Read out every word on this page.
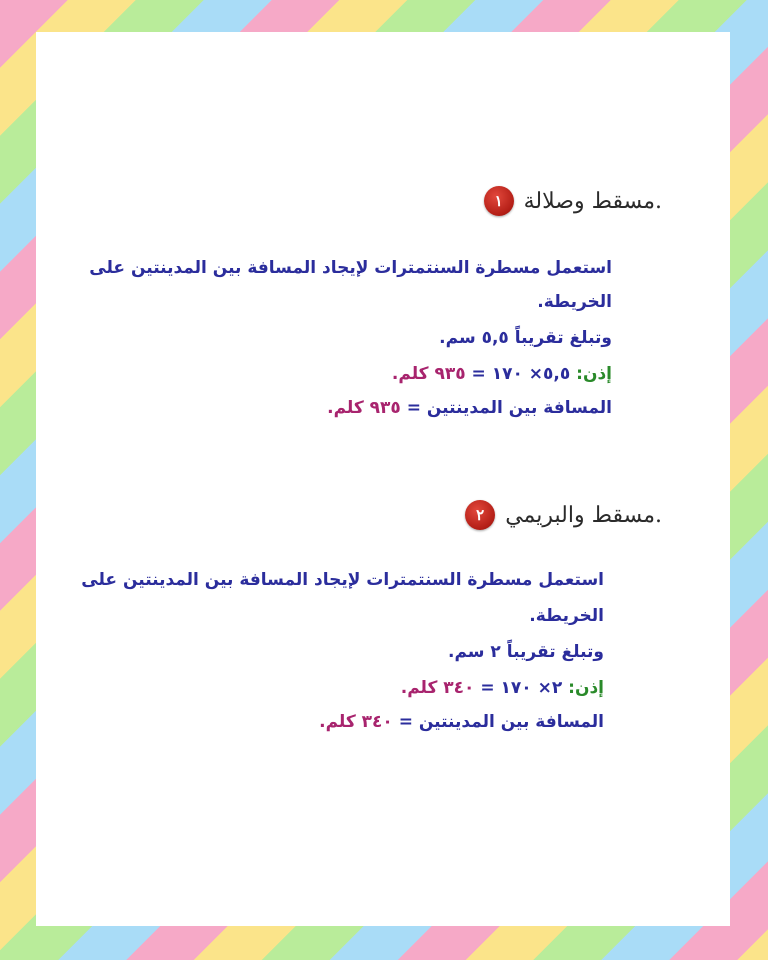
١ مسقط وصلالة.
استعمل مسطرة السنتمترات لإيجاد المسافة بين المدينتين على
الخريطة.
وتبلغ تقريباً ٥,٥ سم.
إذن: ٥,٥× ١٧٠ = ٩٣٥ كلم.
المسافة بين المدينتين = ٩٣٥ كلم.
٢ مسقط والبريمي.
استعمل مسطرة السنتمترات لإيجاد المسافة بين المدينتين على
الخريطة.
وتبلغ تقريباً ٢ سم.
إذن: ٢× ١٧٠ = ٣٤٠ كلم.
المسافة بين المدينتين = ٣٤٠ كلم.
